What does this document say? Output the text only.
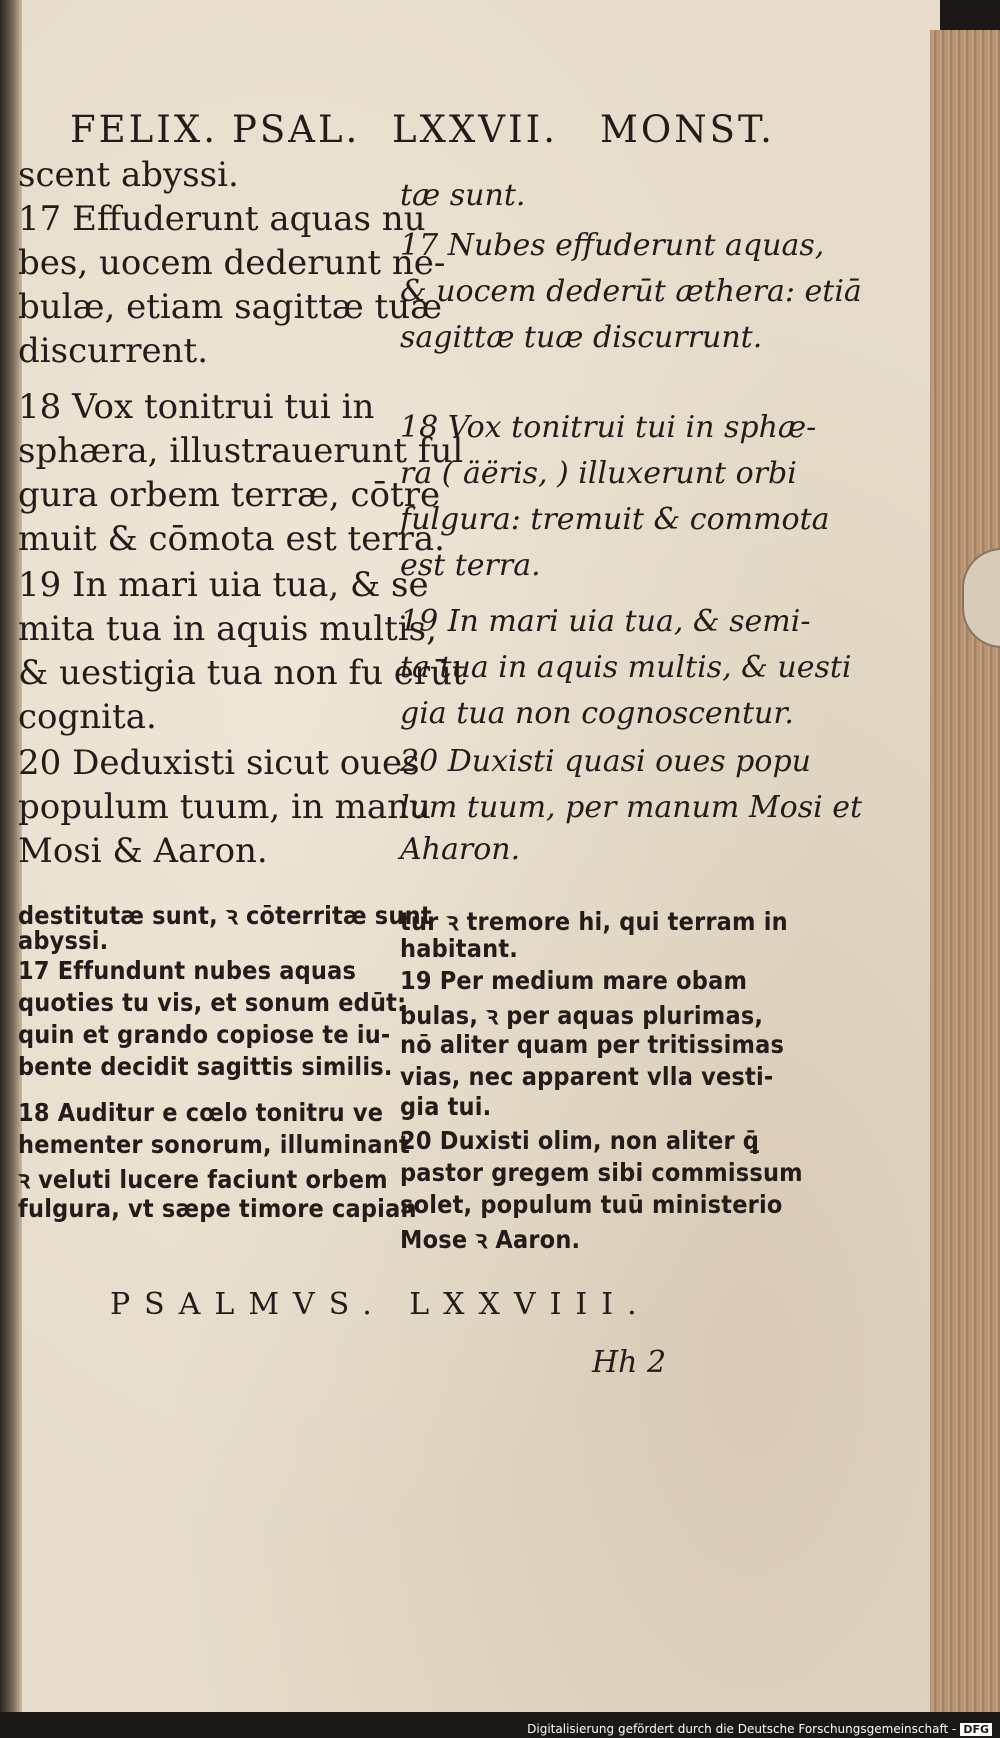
FELIX. PSAL. LXXVII. MONST.
scent abyssi.
17 Effuderunt aquas nu
bes, uocem dederunt ne-
bulæ, etiam sagittæ tuæ
discurrent.
18 Vox tonitrui tui in
sphæra, illustrauerunt ful
gura orbem terræ, cōtre
muit & cōmota est terra.
19 In mari uia tua, & se
mita tua in aquis multis,
& uestigia tua non fu erūt
cognita.
20 Deduxisti sicut oues
populum tuum, in manu
Mosi & Aaron.
tæ sunt.
17 Nubes effuderunt aquas,
& uocem dederūt æthera: etiā
sagittæ tuæ discurrunt.
18 Vox tonitrui tui in sphæ-
ra ( äëris, ) illuxerunt orbi
fulgura: tremuit & commota
est terra.
19 In mari uia tua, & semi-
ta tua in aquis multis, & uesti
gia tua non cognoscentur.
20 Duxisti quasi oues popu
lum tuum, per manum Mosi et
Aharon.
destitutæ sunt, ꝛ cōterritæ sunt
abyssi.
17 Effundunt nubes aquas
quoties tu vis, et sonum edūt:
quin et grando copiose te iu-
bente decidit sagittis similis.
18 Auditur e cœlo tonitru ve
hementer sonorum, illuminant
ꝛ veluti lucere faciunt orbem
fulgura, vt sæpe timore capian
tur ꝛ tremore hi, qui terram in
habitant.
19 Per medium mare obam
bulas, ꝛ per aquas plurimas,
nō aliter quam per tritissimas
vias, nec apparent vlla vesti-
gia tui.
20 Duxisti olim, non aliter ꝗ̄
pastor gregem sibi commissum
solet, populum tuū ministerio
Mose ꝛ Aaron.
PSALMVS. LXXVIII.
Hh 2
Digitalisierung gefördert durch die Deutsche Forschungsgemeinschaft - DFG
